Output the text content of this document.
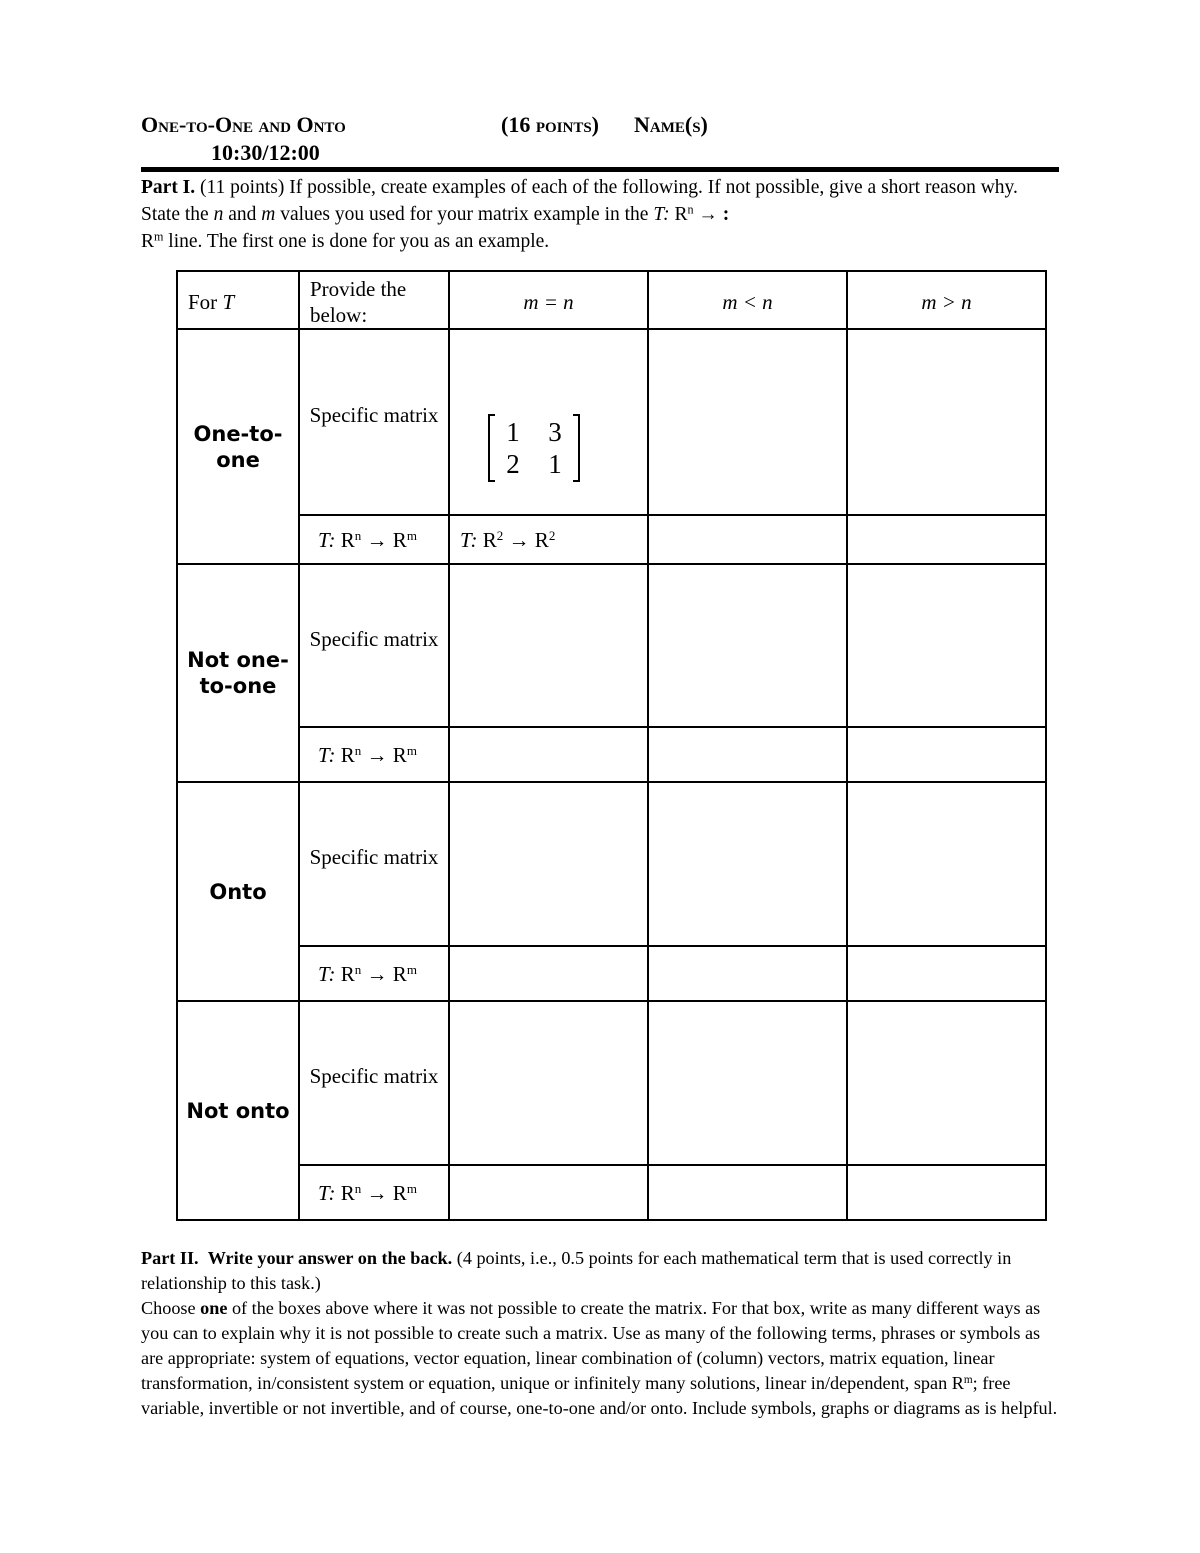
One-to-One and Onto	(16 points) Name(s)
10:30/12:00
Part I. (11 points) If possible, create examples of each of the following. If not possible, give a short reason why. State the n and m values you used for your matrix example in the T: $R^n$ → :
$R^m$ line. The first one is done for you as an example.
For T	Provide the below:	m = n	m < n	m > n
One-to-one	Specific matrix	1 3
2 1		

	T: $R^n \to R^m$	T: $R^2 \to R^2$		
Not one-to-one	Specific matrix			
	T: $R^n \to R^m$			
Onto	Specific matrix			
	T: $R^n \to R^m$			
Not onto	Specific matrix			
	T: $R^n \to R^m$			
Part II. Write your answer on the back. (4 points, i.e., 0.5 points for each mathematical term that is used correctly in relationship to this task.)
Choose one of the boxes above where it was not possible to create the matrix. For that box, write as many different ways as you can to explain why it is not possible to create such a matrix. Use as many of the following terms, phrases or symbols as are appropriate: system of equations, vector equation, linear combination of (column) vectors, matrix equation, linear transformation, in/consistent system or equation, unique or infinitely many solutions, linear in/dependent, span $R^m$; free variable, invertible or not invertible, and of course, one-to-one and/or onto. Include symbols, graphs or diagrams as is helpful.
